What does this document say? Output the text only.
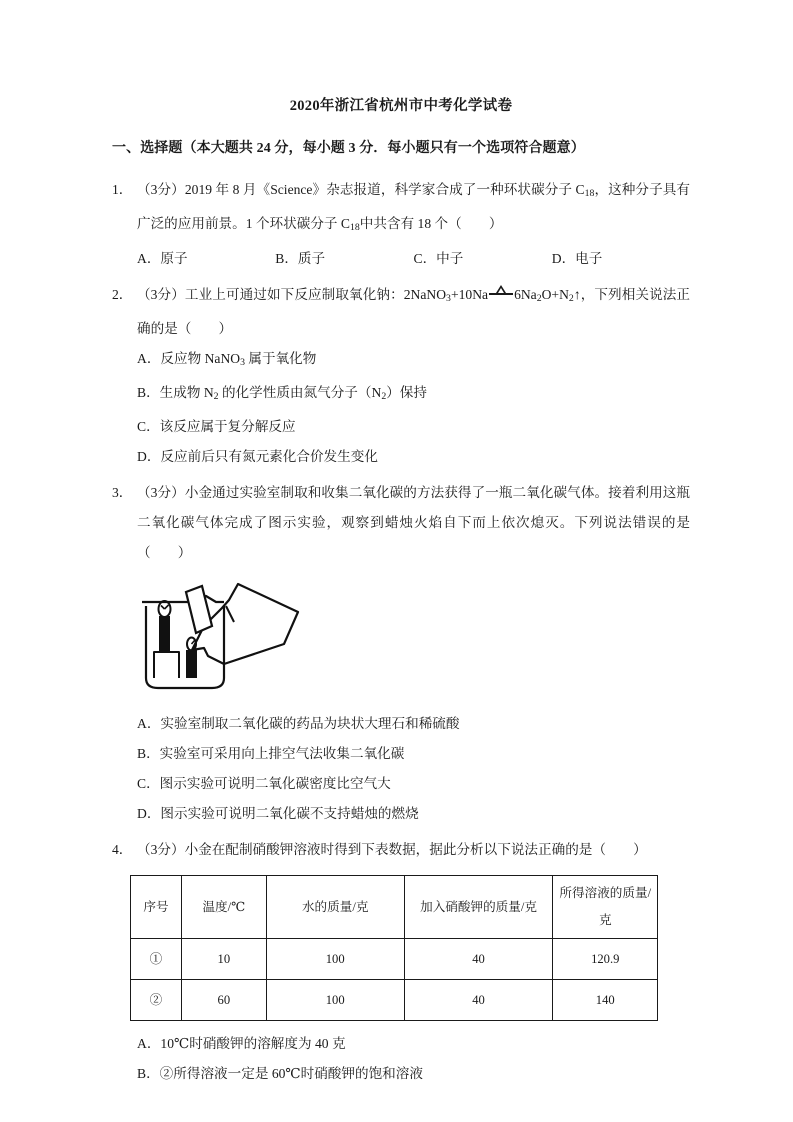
2020年浙江省杭州市中考化学试卷
一、选择题（本大题共 24 分，每小题 3 分．每小题只有一个选项符合题意）

1． （3分）2019 年 8 月《Science》杂志报道，科学家合成了一种环状碳分子 $C_{18}$，这种分子具有广泛的应用前景。1 个环状碳分子 $C_{18}$中共含有 18 个（　　）

A．原子	B．质子	C．中子	D．电子

2． （3分）工业上可通过如下反应制取氧化钠：2NaNO$_3$+10Na $6Na_2O+N_2↑$，下列相关说法正确的是（　　）

A．反应物 NaNO$_3$ 属于氧化物
B．生成物 $N_2$ 的化学性质由氮气分子$(N_2)$保持
C．该反应属于复分解反应
D．反应前后只有氮元素化合价发生变化

3． （3分）小金通过实验室制取和收集二氧化碳的方法获得了一瓶二氧化碳气体。接着利用这瓶二氧化碳气体完成了图示实验，观察到蜡烛火焰自下而上依次熄灭。下列说法错误的是（　　）

A．实验室制取二氧化碳的药品为块状大理石和稀硫酸
B．实验室可采用向上排空气法收集二氧化碳
C．图示实验可说明二氧化碳密度比空气大
D．图示实验可说明二氧化碳不支持蜡烛的燃烧

4． （3分）小金在配制硝酸钾溶液时得到下表数据，据此分析以下说法正确的是（　　）

序号	温度/℃	水的质量/克	加入硝酸钾的质量/克	所得溶液的质量/克
①	10	100	40	120.9
②	60	100	40	140
A．10℃时硝酸钾的溶解度为 40 克
B．②所得溶液一定是 60℃时硝酸钾的饱和溶液
